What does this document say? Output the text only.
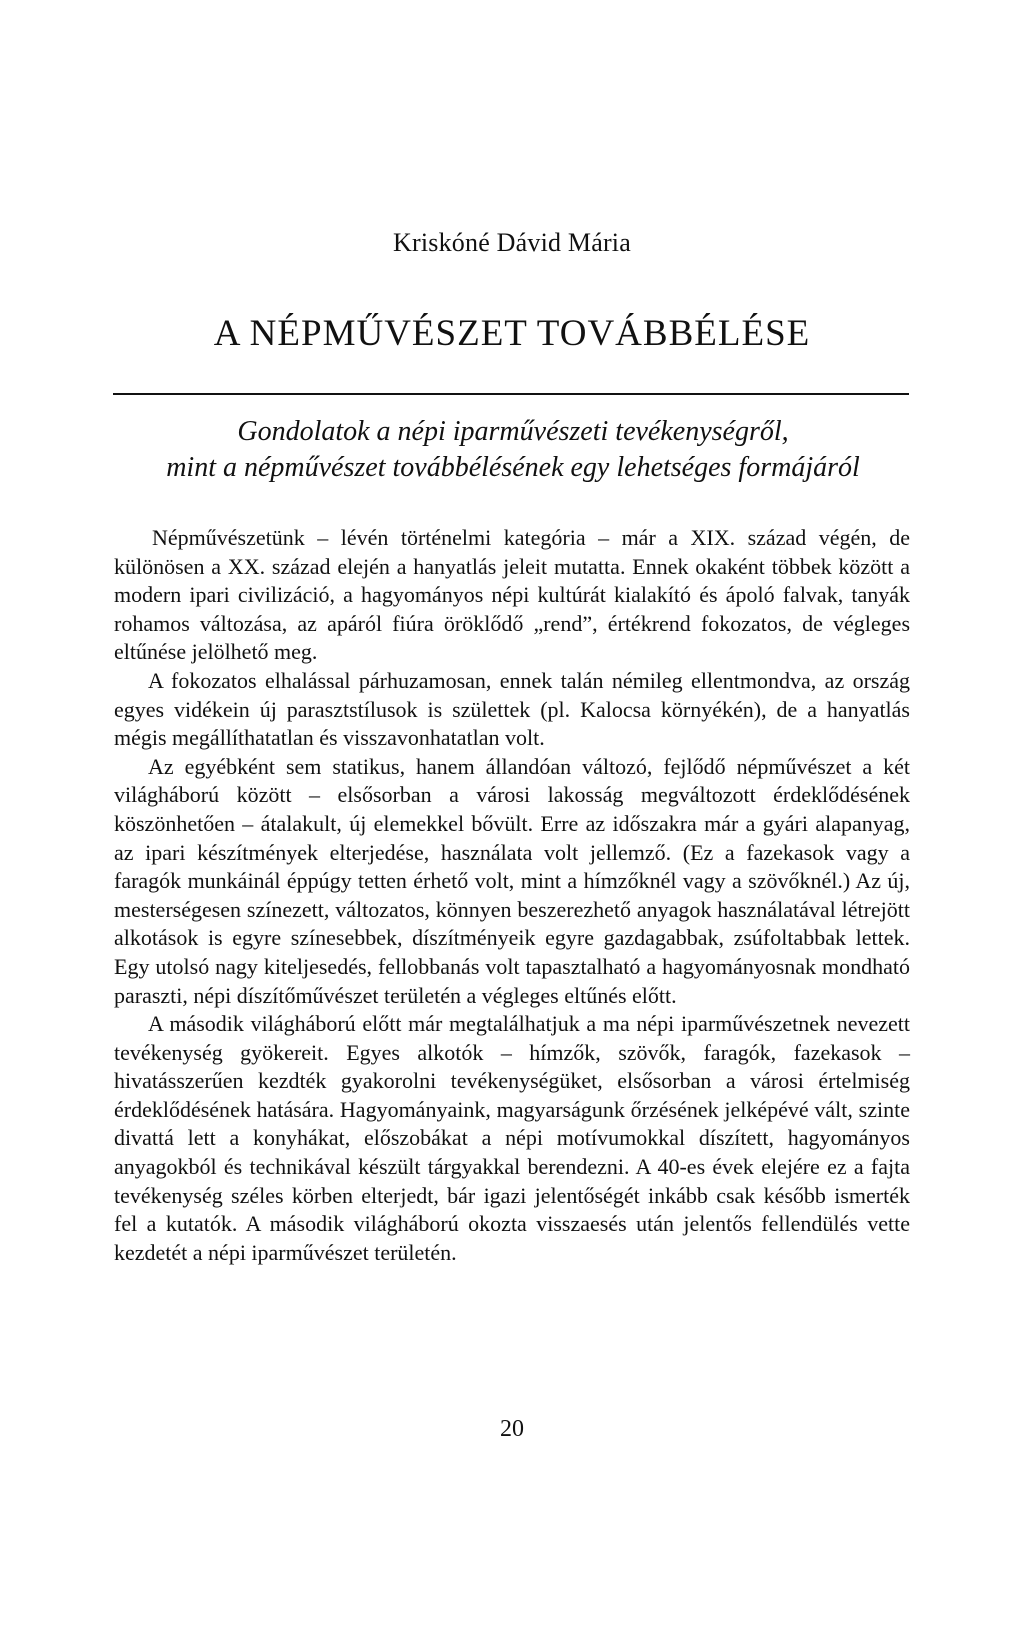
Kriskóné Dávid Mária
A NÉPMŰVÉSZET TOVÁBBÉLÉSE
Gondolatok a népi iparművészeti tevékenységről,
mint a népművészet továbbélésének egy lehetséges formájáról

Népművészetünk – lévén történelmi kategória – már a XIX. század végén, de különösen a XX. század elején a hanyatlás jeleit mutatta. Ennek okaként többek között a modern ipari civilizáció, a hagyományos népi kultúrát kialakító és ápoló falvak, tanyák rohamos változása, az apáról fiúra öröklődő „rend”, értékrend fokozatos, de végleges eltűnése jelölhető meg.

A fokozatos elhalással párhuzamosan, ennek talán némileg ellentmondva, az ország egyes vidékein új parasztstílusok is születtek (pl. Kalocsa környékén), de a hanyatlás mégis megállíthatatlan és visszavonhatatlan volt.

Az egyébként sem statikus, hanem állandóan változó, fejlődő népművészet a két világháború között – elsősorban a városi lakosság megváltozott érdeklődésének köszönhetően – átalakult, új elemekkel bővült. Erre az időszakra már a gyári alapanyag, az ipari készítmények elterjedése, használata volt jellemző. (Ez a fazekasok vagy a faragók munkáinál éppúgy tetten érhető volt, mint a hímzőknél vagy a szövőknél.) Az új, mesterségesen színezett, változatos, könnyen beszerezhető anyagok használatával létrejött alkotások is egyre színesebbek, díszítményeik egyre gazdagabbak, zsúfoltabbak lettek. Egy utolsó nagy kiteljesedés, fellobbanás volt tapasztalható a hagyományosnak mondható paraszti, népi díszítőművészet területén a végleges eltűnés előtt.

A második világháború előtt már megtalálhatjuk a ma népi iparművészetnek nevezett tevékenység gyökereit. Egyes alkotók – hímzők, szövők, faragók, fazekasok – hivatásszerűen kezdték gyakorolni tevékenységüket, elsősorban a városi értelmiség érdeklődésének hatására. Hagyományaink, magyarságunk őrzésének jelképévé vált, szinte divattá lett a konyhákat, előszobákat a népi motívumokkal díszített, hagyományos anyagokból és technikával készült tárgyakkal berendezni. A 40-es évek elejére ez a fajta tevékenység széles körben elterjedt, bár igazi jelentőségét inkább csak később ismerték fel a kutatók. A második világháború okozta visszaesés után jelentős fellendülés vette kezdetét a népi iparművészet területén.

20
